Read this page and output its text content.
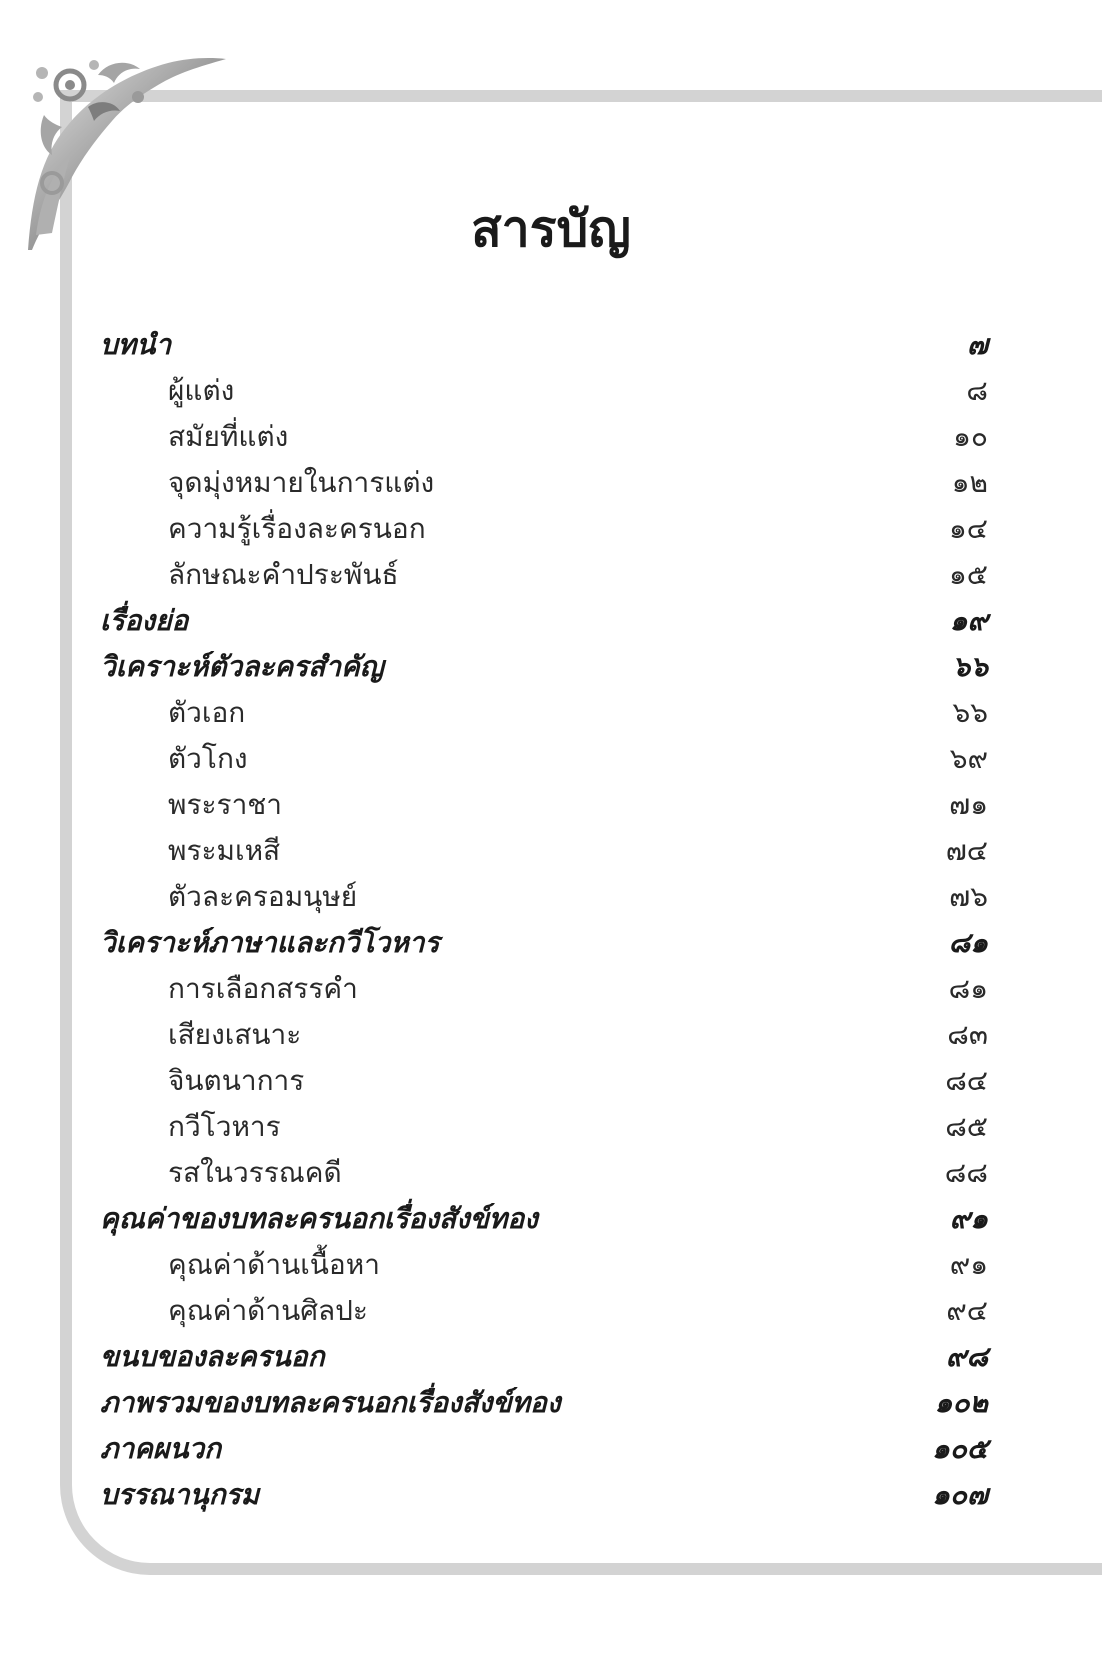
สารบัญ
บทนำ	๗
ผู้แต่ง	๘
สมัยที่แต่ง	๑๐
จุดมุ่งหมายในการแต่ง	๑๒
ความรู้เรื่องละครนอก	๑๔
ลักษณะคำประพันธ์	๑๕
เรื่องย่อ	๑๙
วิเคราะห์ตัวละครสำคัญ	๖๖
ตัวเอก	๖๖
ตัวโกง	๖๙
พระราชา	๗๑
พระมเหสี	๗๔
ตัวละครอมนุษย์	๗๖
วิเคราะห์ภาษาและกวีโวหาร	๘๑
การเลือกสรรคำ	๘๑
เสียงเสนาะ	๘๓
จินตนาการ	๘๔
กวีโวหาร	๘๕
รสในวรรณคดี	๘๘
คุณค่าของบทละครนอกเรื่องสังข์ทอง	๙๑
คุณค่าด้านเนื้อหา	๙๑
คุณค่าด้านศิลปะ	๙๔
ขนบของละครนอก	๙๘
ภาพรวมของบทละครนอกเรื่องสังข์ทอง	๑๐๒
ภาคผนวก	๑๐๕
บรรณานุกรม	๑๐๗
